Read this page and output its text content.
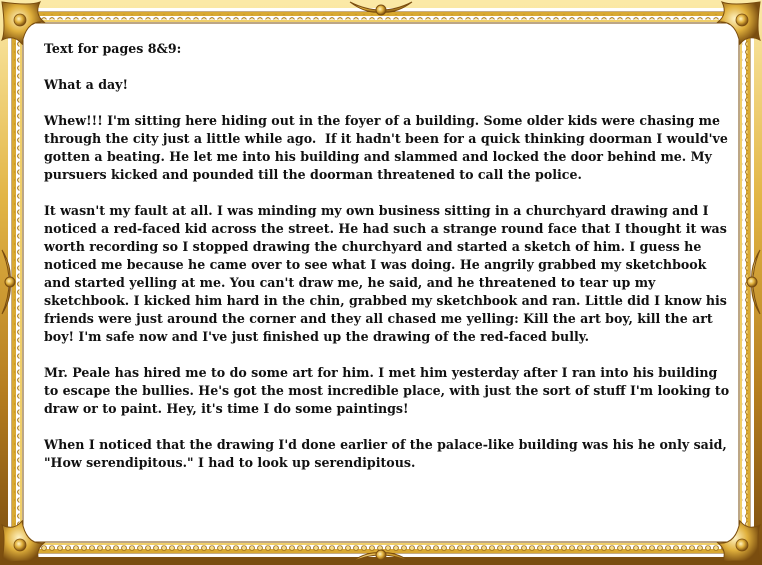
Text for pages 8&9:

What a day!

Whew!!! I'm sitting here hiding out in the foyer of a building. Some older kids were chasing me through the city just a little while ago.  If it hadn't been for a quick thinking doorman I would've gotten a beating. He let me into his building and slammed and locked the door behind me. My pursuers kicked and pounded till the doorman threatened to call the police.

It wasn't my fault at all. I was minding my own business sitting in a churchyard drawing and I noticed a red-faced kid across the street. He had such a strange round face that I thought it was worth recording so I stopped drawing the churchyard and started a sketch of him. I guess he noticed me because he came over to see what I was doing. He angrily grabbed my sketchbook and started yelling at me. You can't draw me, he said, and he threatened to tear up my sketchbook. I kicked him hard in the chin, grabbed my sketchbook and ran. Little did I know his friends were just around the corner and they all chased me yelling: Kill the art boy, kill the art boy! I'm safe now and I've just finished up the drawing of the red-faced bully.

Mr. Peale has hired me to do some art for him. I met him yesterday after I ran into his building to escape the bullies. He's got the most incredible place, with just the sort of stuff I'm looking to draw or to paint. Hey, it's time I do some paintings!

When I noticed that the drawing I'd done earlier of the palace-like building was his he only said, "How serendipitous." I had to look up serendipitous.
